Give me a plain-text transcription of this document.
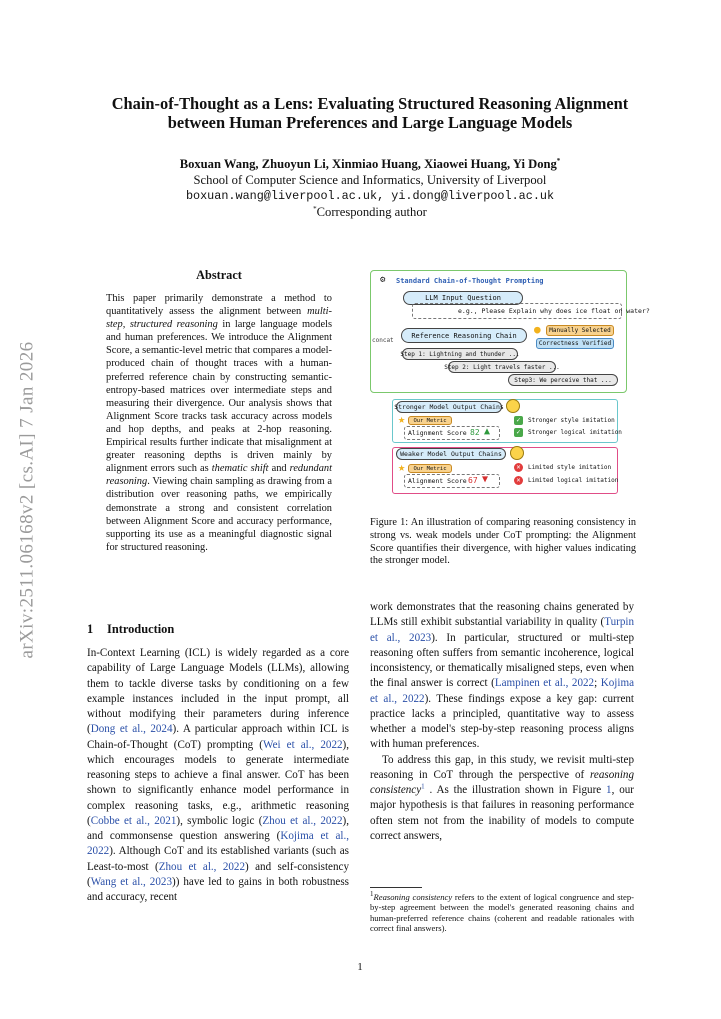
arXiv:2511.06168v2 [cs.AI] 7 Jan 2026
Chain-of-Thought as a Lens: Evaluating Structured Reasoning Alignment
between Human Preferences and Large Language Models
Boxuan Wang, Zhuoyun Li, Xinmiao Huang, Xiaowei Huang, Yi Dong*
School of Computer Science and Informatics, University of Liverpool
boxuan.wang@liverpool.ac.uk, yi.dong@liverpool.ac.uk
*Corresponding author
Abstract
This paper primarily demonstrate a method to quantitatively assess the alignment between multi-step, structured reasoning in large language models and human preferences. We introduce the Alignment Score, a semantic-level metric that compares a model-produced chain of thought traces with a human-preferred reference chain by constructing semantic-entropy-based matrices over intermediate steps and measuring their divergence. Our analysis shows that Alignment Score tracks task accuracy across models and hop depths, and peaks at 2-hop reasoning. Empirical results further indicate that misalignment at greater reasoning depths is driven mainly by alignment errors such as thematic shift and redundant reasoning. Viewing chain sampling as drawing from a distribution over reasoning paths, we empirically demonstrate a strong and consistent correlation between Alignment Score and accuracy performance, supporting its use as a meaningful diagnostic signal for structured reasoning.
1 Introduction

In-Context Learning (ICL) is widely regarded as a core capability of Large Language Models (LLMs), allowing them to tackle diverse tasks by conditioning on a few example instances included in the input prompt, all without modifying their parameters during inference (Dong et al., 2024). A particular approach within ICL is Chain-of-Thought (CoT) prompting (Wei et al., 2022), which encourages models to generate intermediate reasoning steps to achieve a final answer. CoT has been shown to significantly enhance model performance in complex reasoning tasks, e.g., arithmetic reasoning (Cobbe et al., 2021), symbolic logic (Zhou et al., 2022), and commonsense question answering (Kojima et al., 2022). Although CoT and its established variants (such as Least-to-most (Zhou et al., 2022) and self-consistency (Wang et al., 2023)) have led to gains in both robustness and accuracy, recent

⚙ Standard Chain-of-Thought Prompting
LLM Input Question
e.g., Please Explain why does ice float on water?
concat
Reference Reasoning Chain ● Manually Selected
Correctness Verified
Step 1: Lightning and thunder ...
Step 2: Light travels faster ...
Step3: We perceive that ...
Stronger Model Output Chains
★ Our Metric
Alignment Score 82 ▲
✓	Stronger style imitation
✓	Stronger logical imitation
Weaker Model Output Chains
★ Our Metric
Alignment Score 67 ▼
✕	Limited style imitation
✕	Limited logical imitation
Figure 1: An illustration of comparing reasoning consistency in strong vs. weak models under CoT prompting: the Alignment Score quantifies their divergence, with higher values indicating the stronger model.

work demonstrates that the reasoning chains generated by LLMs still exhibit substantial variability in quality (Turpin et al., 2023). In particular, structured or multi-step reasoning often suffers from semantic incoherence, logical inconsistency, or thematically misaligned steps, even when the final answer is correct (Lampinen et al., 2022; Kojima et al., 2022). These findings expose a key gap: current practice lacks a principled, quantitative way to assess whether a model's step-by-step reasoning process aligns with human preferences.

To address this gap, in this study, we revisit multi-step reasoning in CoT through the perspective of reasoning consistency$^1$ . As the illustration shown in Figure 1, our major hypothesis is that failures in reasoning performance often stem not from the inability of models to compute correct answers,

$^1$Reasoning consistency refers to the extent of logical congruence and step-by-step agreement between the model's generated reasoning chains and human-preferred reference chains (coherent and readable rationales with correct final answers).
1
